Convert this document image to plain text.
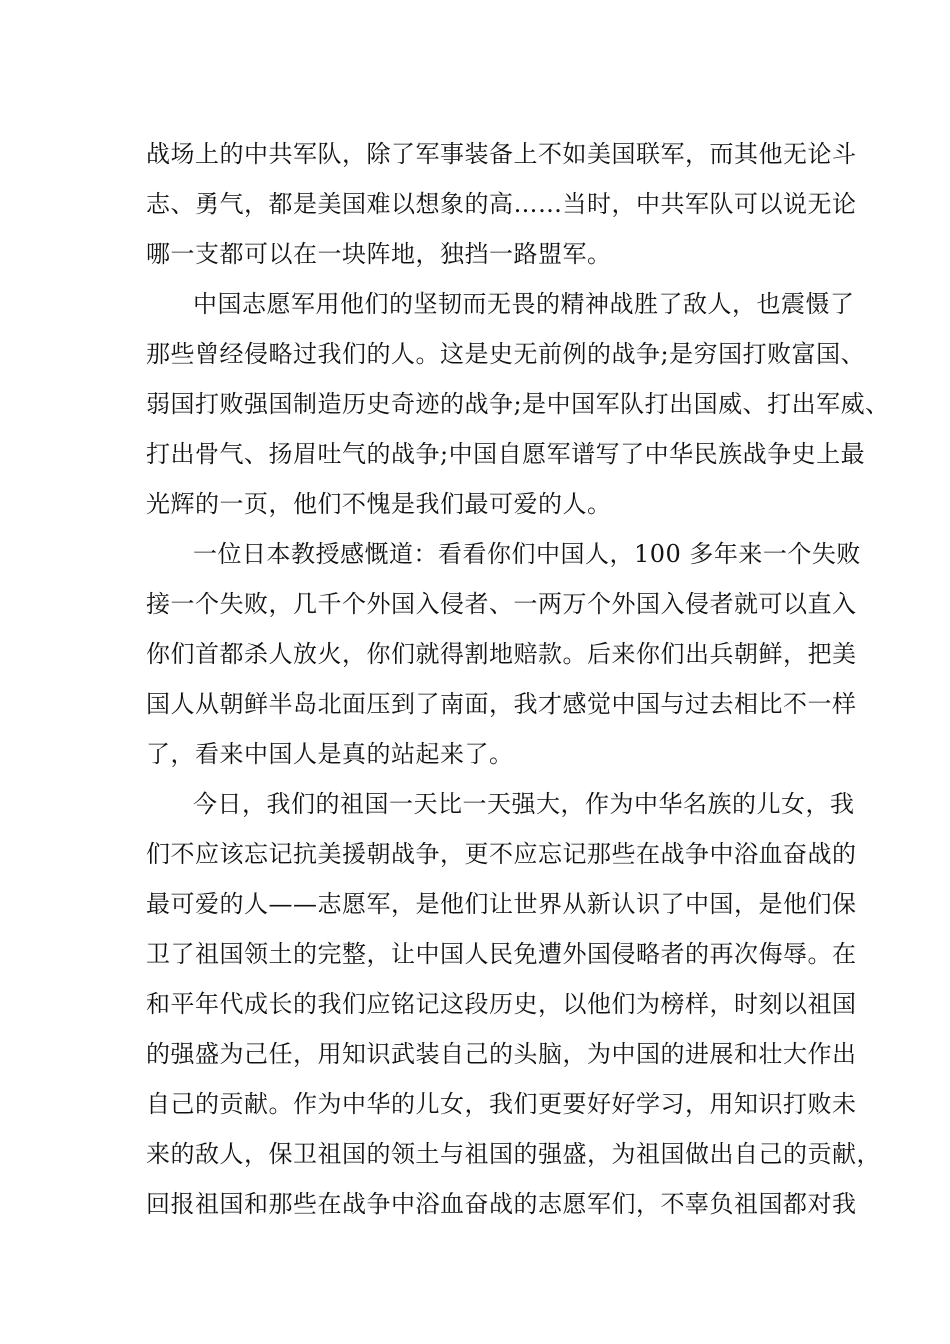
战场上的中共军队，除了军事装备上不如美国联军，而其他无论斗
志、勇气，都是美国难以想象的高……当时，中共军队可以说无论
哪一支都可以在一块阵地，独挡一路盟军。
中国志愿军用他们的坚韧而无畏的精神战胜了敌人，也震慑了
那些曾经侵略过我们的人。这是史无前例的战争;是穷国打败富国、
弱国打败强国制造历史奇迹的战争;是中国军队打出国威、打出军威、
打出骨气、扬眉吐气的战争;中国自愿军谱写了中华民族战争史上最
光辉的一页，他们不愧是我们最可爱的人。
一位日本教授感慨道：看看你们中国人，100 多年来一个失败
接一个失败，几千个外国入侵者、一两万个外国入侵者就可以直入
你们首都杀人放火，你们就得割地赔款。后来你们出兵朝鲜，把美
国人从朝鲜半岛北面压到了南面，我才感觉中国与过去相比不一样
了，看来中国人是真的站起来了。
今日，我们的祖国一天比一天强大，作为中华名族的儿女，我
们不应该忘记抗美援朝战争，更不应忘记那些在战争中浴血奋战的
最可爱的人——志愿军，是他们让世界从新认识了中国，是他们保
卫了祖国领土的完整，让中国人民免遭外国侵略者的再次侮辱。在
和平年代成长的我们应铭记这段历史，以他们为榜样，时刻以祖国
的强盛为己任，用知识武装自己的头脑，为中国的进展和壮大作出
自己的贡献。作为中华的儿女，我们更要好好学习，用知识打败未
来的敌人，保卫祖国的领土与祖国的强盛，为祖国做出自己的贡献，
回报祖国和那些在战争中浴血奋战的志愿军们，不辜负祖国都对我
